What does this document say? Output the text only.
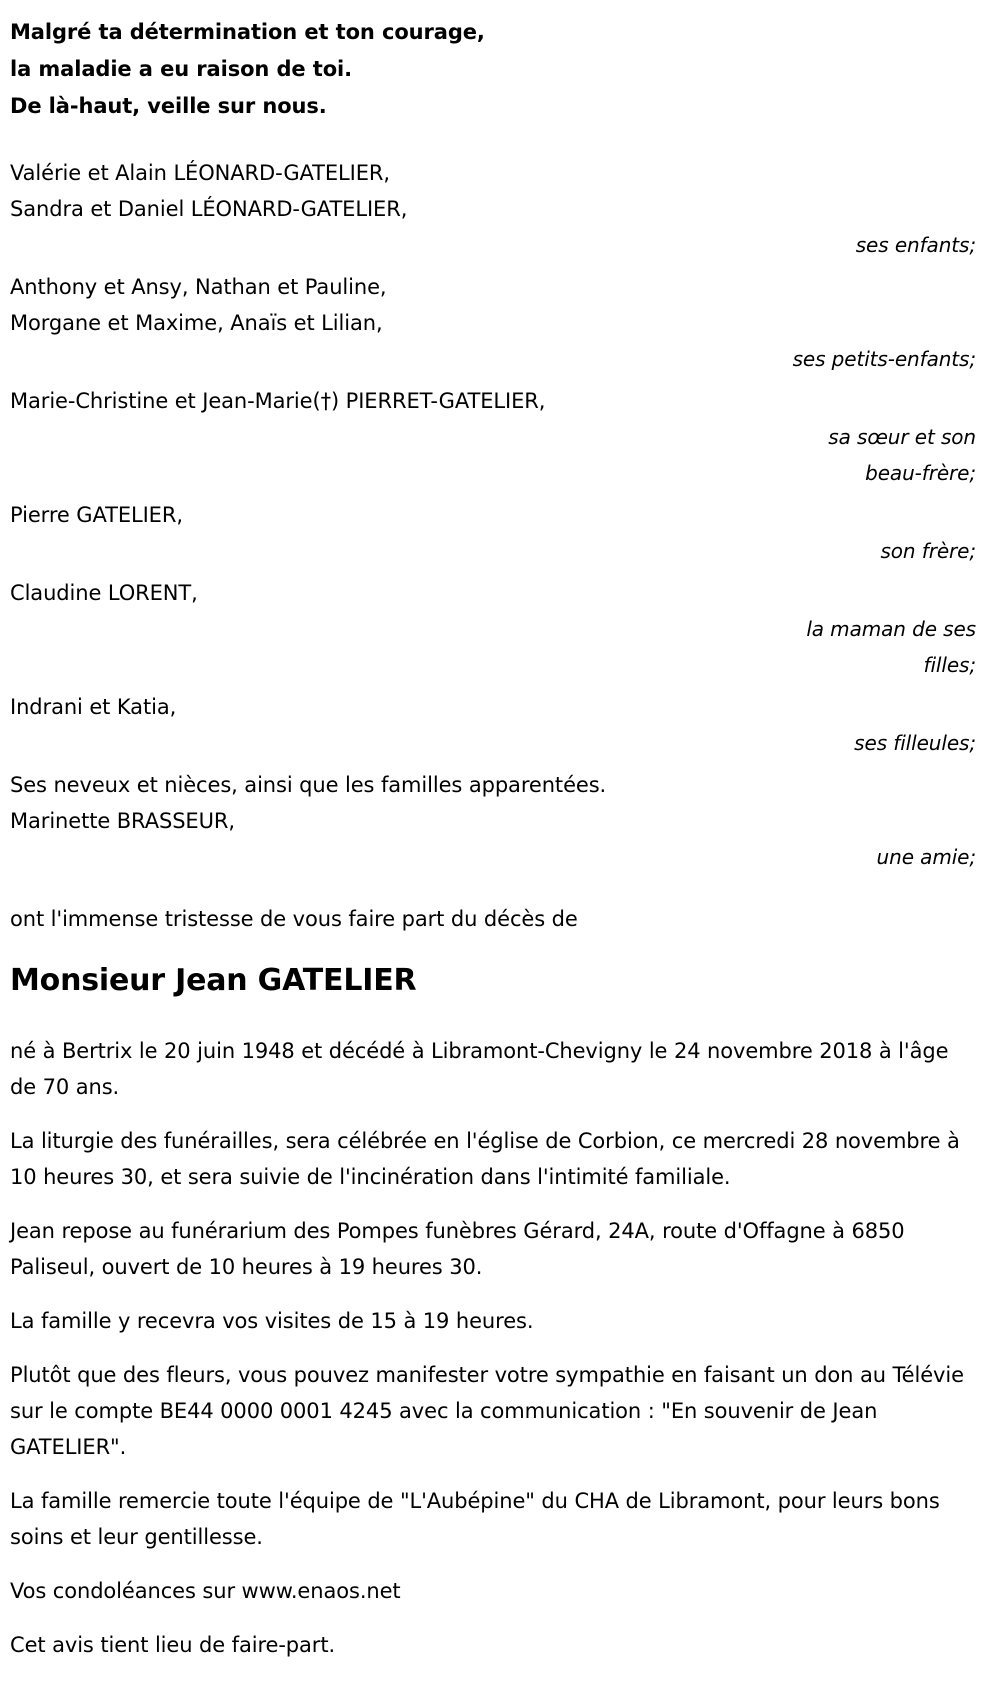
Malgré ta détermination et ton courage,
la maladie a eu raison de toi.
De là-haut, veille sur nous.
Valérie et Alain LÉONARD-GATELIER,
Sandra et Daniel LÉONARD-GATELIER,
ses enfants;
Anthony et Ansy, Nathan et Pauline,
Morgane et Maxime, Anaïs et Lilian,
ses petits-enfants;
Marie-Christine et Jean-Marie(†) PIERRET-GATELIER,
sa sœur et son
beau-frère;
Pierre GATELIER,
son frère;
Claudine LORENT,
la maman de ses
filles;
Indrani et Katia,
ses filleules;
Ses neveux et nièces, ainsi que les familles apparentées.
Marinette BRASSEUR,
une amie;
ont l'immense tristesse de vous faire part du décès de
Monsieur Jean GATELIER

né à Bertrix le 20 juin 1948 et décédé à Libramont-Chevigny le 24 novembre 2018 à l'âge de 70 ans.

La liturgie des funérailles, sera célébrée en l'église de Corbion, ce mercredi 28 novembre à 10 heures 30, et sera suivie de l'incinération dans l'intimité familiale.

Jean repose au funérarium des Pompes funèbres Gérard, 24A, route d'Offagne à 6850 Paliseul, ouvert de 10 heures à 19 heures 30.

La famille y recevra vos visites de 15 à 19 heures.

Plutôt que des fleurs, vous pouvez manifester votre sympathie en faisant un don au Télévie sur le compte BE44 0000 0001 4245 avec la communication : "En souvenir de Jean GATELIER".

La famille remercie toute l'équipe de "L'Aubépine" du CHA de Libramont, pour leurs bons soins et leur gentillesse.

Vos condoléances sur www.enaos.net

Cet avis tient lieu de faire-part.
